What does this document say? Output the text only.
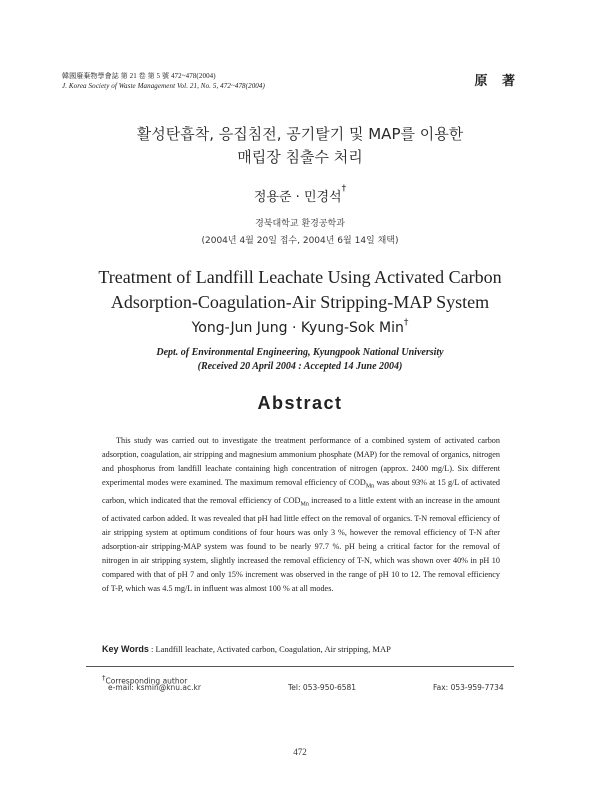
韓國廢棄物學會誌 第 21 卷 第 5 號 472~478(2004)
J. Korea Society of Waste Management Vol. 21, No. 5, 472~478(2004)	原 著
활성탄흡착, 응집침전, 공기탈기 및 MAP를 이용한
매립장 침출수 처리
정용준 · 민경석†
경북대학교 환경공학과
(2004년 4월 20일 접수, 2004년 6월 14일 채택)
Treatment of Landfill Leachate Using Activated Carbon
Adsorption-Coagulation-Air Stripping-MAP System
Yong-Jun Jung · Kyung-Sok Min†
Dept. of Environmental Engineering, Kyungpook National University
(Received 20 April 2004 : Accepted 14 June 2004)
Abstract

This study was carried out to investigate the treatment performance of a combined system of activated carbon adsorption, coagulation, air stripping and magnesium ammonium phosphate (MAP) for the removal of organics, nitrogen and phosphorus from landfill leachate containing high concentration of nitrogen (approx. 2400 mg/L). Six different experimental modes were examined. The maximum removal efficiency of $COD_{Mn}$ was about 93% at 15 g/L of activated carbon, which indicated that the removal efficiency of $COD_{Mn}$ increased to a little extent with an increase in the amount of activated carbon added. It was revealed that pH had little effect on the removal of organics. T-N removal efficiency of air stripping system at optimum conditions of four hours was only 3 %, however the removal efficiency of T-N after adsorption-air stripping-MAP system was found to be nearly 97.7 %. pH being a critical factor for the removal of nitrogen in air stripping system, slightly increased the removal efficiency of T-N, which was shown over 40% in pH 10 compared with that of pH 7 and only 15% increment was observed in the range of pH 10 to 12. The removal efficiency of T-P, which was 4.5 mg/L in influent was almost 100 % at all modes.

Key Words : Landfill leachate, Activated carbon, Coagulation, Air stripping, MAP
†Corresponding author
e-mail: ksmin@knu.ac.kr	Tel: 053-950-6581	Fax: 053-959-7734
472
